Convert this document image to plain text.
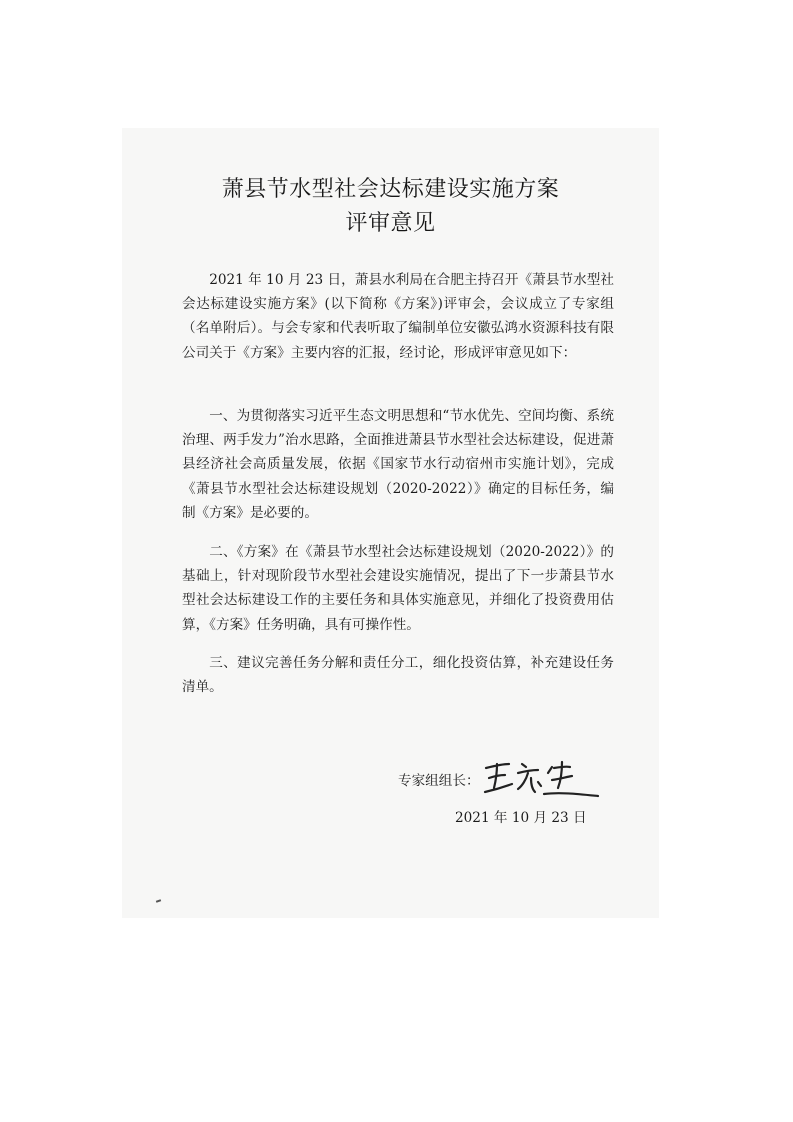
萧县节水型社会达标建设实施方案
评审意见

2021 年 10 月 23 日，萧县水利局在合肥主持召开《萧县节水型社会达标建设实施方案》(以下简称《方案》)评审会，会议成立了专家组（名单附后）。与会专家和代表听取了编制单位安徽弘鸿水资源科技有限公司关于《方案》主要内容的汇报，经讨论，形成评审意见如下：

一、为贯彻落实习近平生态文明思想和“节水优先、空间均衡、系统治理、两手发力”治水思路，全面推进萧县节水型社会达标建设，促进萧县经济社会高质量发展，依据《国家节水行动宿州市实施计划》，完成《萧县节水型社会达标建设规划（2020-2022）》确定的目标任务，编制《方案》是必要的。

二、《方案》在《萧县节水型社会达标建设规划（2020-2022）》的基础上，针对现阶段节水型社会建设实施情况，提出了下一步萧县节水型社会达标建设工作的主要任务和具体实施意见，并细化了投资费用估算，《方案》任务明确，具有可操作性。

三、建议完善任务分解和责任分工，细化投资估算，补充建设任务清单。

专家组组长：
2021 年 10 月 23 日
